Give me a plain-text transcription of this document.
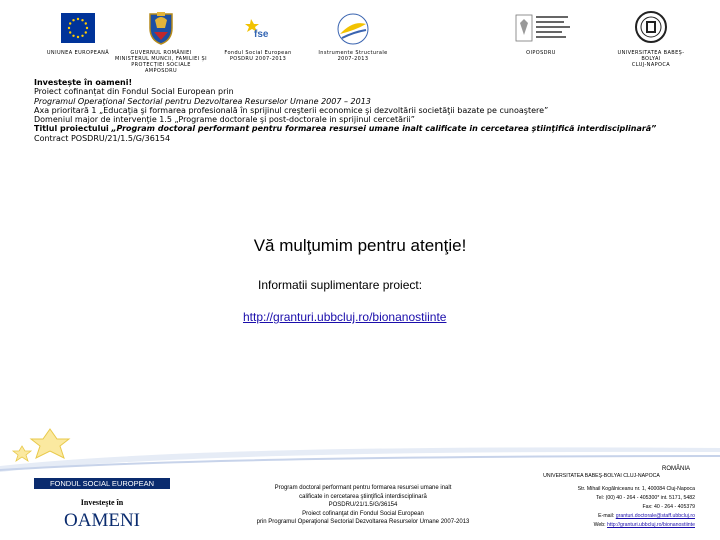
UNIUNEA EUROPEANĂ	GUVERNUL ROMÂNIEI
MINISTERUL MUNCII, FAMILIEI ȘI
PROTECȚIEI SOCIALE
AMPOSDRU
fse
Fondul Social European
POSDRU 2007-2013
Instrumente Structurale
2007-2013
OIPOSDRU	UNIVERSITATEA BABEȘ-
BOLYAI
CLUJ-NAPOCA
Investește în oameni!
Proiect cofinanțat din Fondul Social European prin
Programul Operaţional Sectorial pentru Dezvoltarea Resurselor Umane 2007 – 2013
Axa prioritară 1 „Educaţia şi formarea profesională în sprijinul creşterii economice şi dezvoltării societăţii bazate pe cunoaştere”
Domeniul major de intervenţie 1.5 „Programe doctorale şi post-doctorale in sprijinul cercetării”
Titlul proiectului „Program doctoral performant pentru formarea resursei umane inalt calificate in cercetarea ştiinţifică interdisciplinară”
Contract POSDRU/21/1.5/G/36154
Vă mulţumim pentru atenţie!
Informatii suplimentare proiect:
http://granturi.ubbcluj.ro/bionanostiinte
ROMÂNIA
FONDUL SOCIAL EUROPEAN
Investeşte în
OAMENI
Program doctoral performant pentru formarea resursei umane inalt
calificate in cercetarea ştiinţifică interdisciplinară
POSDRU/21/1.5/G/36154
Proiect cofinanţat din Fondul Social European
prin Programul Operaţional Sectorial Dezvoltarea Resurselor Umane 2007-2013
UNIVERSITATEA BABEŞ-BOLYAI CLUJ-NAPOCA
Str. Mihail Kogălniceanu nr. 1, 400084 Cluj-Napoca
Tel: (00) 40 - 264 - 405300* int. 5171, 5482
Fax: 40 - 264 - 405379
E-mail: granturi.doctorale@staff.ubbcluj.ro
Web: http://granturi.ubbcluj.ro/bionanostiinte
